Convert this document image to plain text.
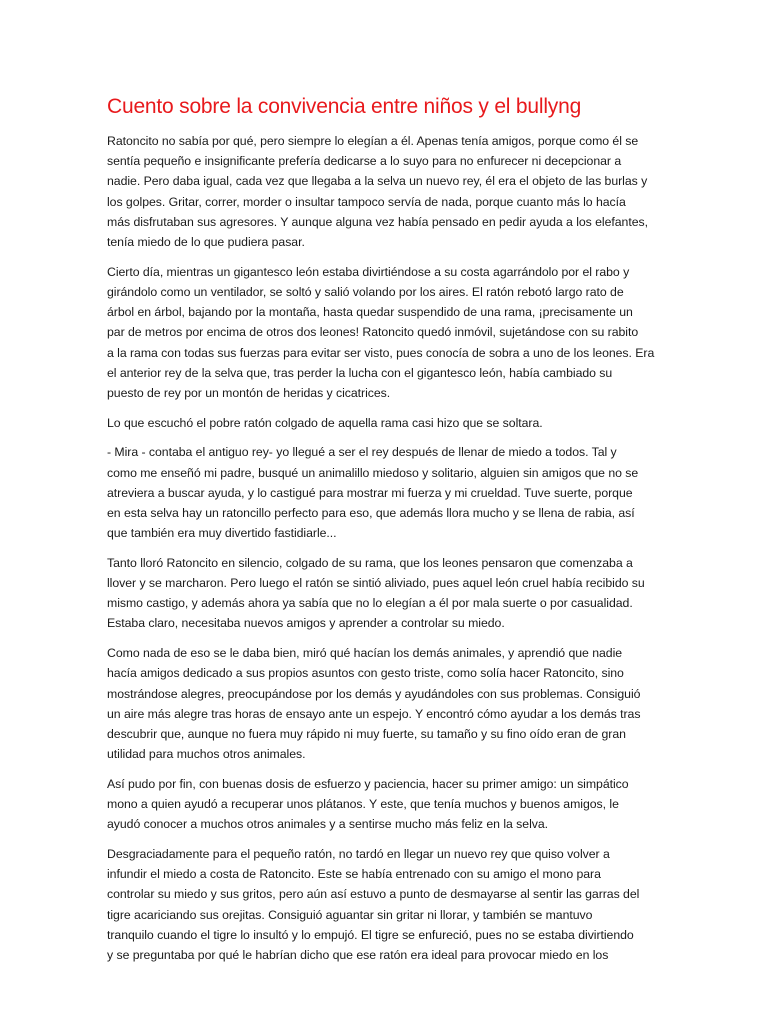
Cuento sobre la convivencia entre niños y el bullyng

Ratoncito no sabía por qué, pero siempre lo elegían a él. Apenas tenía amigos, porque como él se
sentía pequeño e insignificante prefería dedicarse a lo suyo para no enfurecer ni decepcionar a
nadie. Pero daba igual, cada vez que llegaba a la selva un nuevo rey, él era el objeto de las burlas y
los golpes. Gritar, correr, morder o insultar tampoco servía de nada, porque cuanto más lo hacía
más disfrutaban sus agresores. Y aunque alguna vez había pensado en pedir ayuda a los elefantes,
tenía miedo de lo que pudiera pasar.

Cierto día, mientras un gigantesco león estaba divirtiéndose a su costa agarrándolo por el rabo y
girándolo como un ventilador, se soltó y salió volando por los aires. El ratón rebotó largo rato de
árbol en árbol, bajando por la montaña, hasta quedar suspendido de una rama, ¡precisamente un
par de metros por encima de otros dos leones! Ratoncito quedó inmóvil, sujetándose con su rabito
a la rama con todas sus fuerzas para evitar ser visto, pues conocía de sobra a uno de los leones. Era
el anterior rey de la selva que, tras perder la lucha con el gigantesco león, había cambiado su
puesto de rey por un montón de heridas y cicatrices.

Lo que escuchó el pobre ratón colgado de aquella rama casi hizo que se soltara.

- Mira - contaba el antiguo rey- yo llegué a ser el rey después de llenar de miedo a todos. Tal y
como me enseñó mi padre, busqué un animalillo miedoso y solitario, alguien sin amigos que no se
atreviera a buscar ayuda, y lo castigué para mostrar mi fuerza y mi crueldad. Tuve suerte, porque
en esta selva hay un ratoncillo perfecto para eso, que además llora mucho y se llena de rabia, así
que también era muy divertido fastidiarle...

Tanto lloró Ratoncito en silencio, colgado de su rama, que los leones pensaron que comenzaba a
llover y se marcharon. Pero luego el ratón se sintió aliviado, pues aquel león cruel había recibido su
mismo castigo, y además ahora ya sabía que no lo elegían a él por mala suerte o por casualidad.
Estaba claro, necesitaba nuevos amigos y aprender a controlar su miedo.

Como nada de eso se le daba bien, miró qué hacían los demás animales, y aprendió que nadie
hacía amigos dedicado a sus propios asuntos con gesto triste, como solía hacer Ratoncito, sino
mostrándose alegres, preocupándose por los demás y ayudándoles con sus problemas. Consiguió
un aire más alegre tras horas de ensayo ante un espejo. Y encontró cómo ayudar a los demás tras
descubrir que, aunque no fuera muy rápido ni muy fuerte, su tamaño y su fino oído eran de gran
utilidad para muchos otros animales.

Así pudo por fin, con buenas dosis de esfuerzo y paciencia, hacer su primer amigo: un simpático
mono a quien ayudó a recuperar unos plátanos. Y este, que tenía muchos y buenos amigos, le
ayudó conocer a muchos otros animales y a sentirse mucho más feliz en la selva.

Desgraciadamente para el pequeño ratón, no tardó en llegar un nuevo rey que quiso volver a
infundir el miedo a costa de Ratoncito. Este se había entrenado con su amigo el mono para
controlar su miedo y sus gritos, pero aún así estuvo a punto de desmayarse al sentir las garras del
tigre acariciando sus orejitas. Consiguió aguantar sin gritar ni llorar, y también se mantuvo
tranquilo cuando el tigre lo insultó y lo empujó. El tigre se enfureció, pues no se estaba divirtiendo
y se preguntaba por qué le habrían dicho que ese ratón era ideal para provocar miedo en los
